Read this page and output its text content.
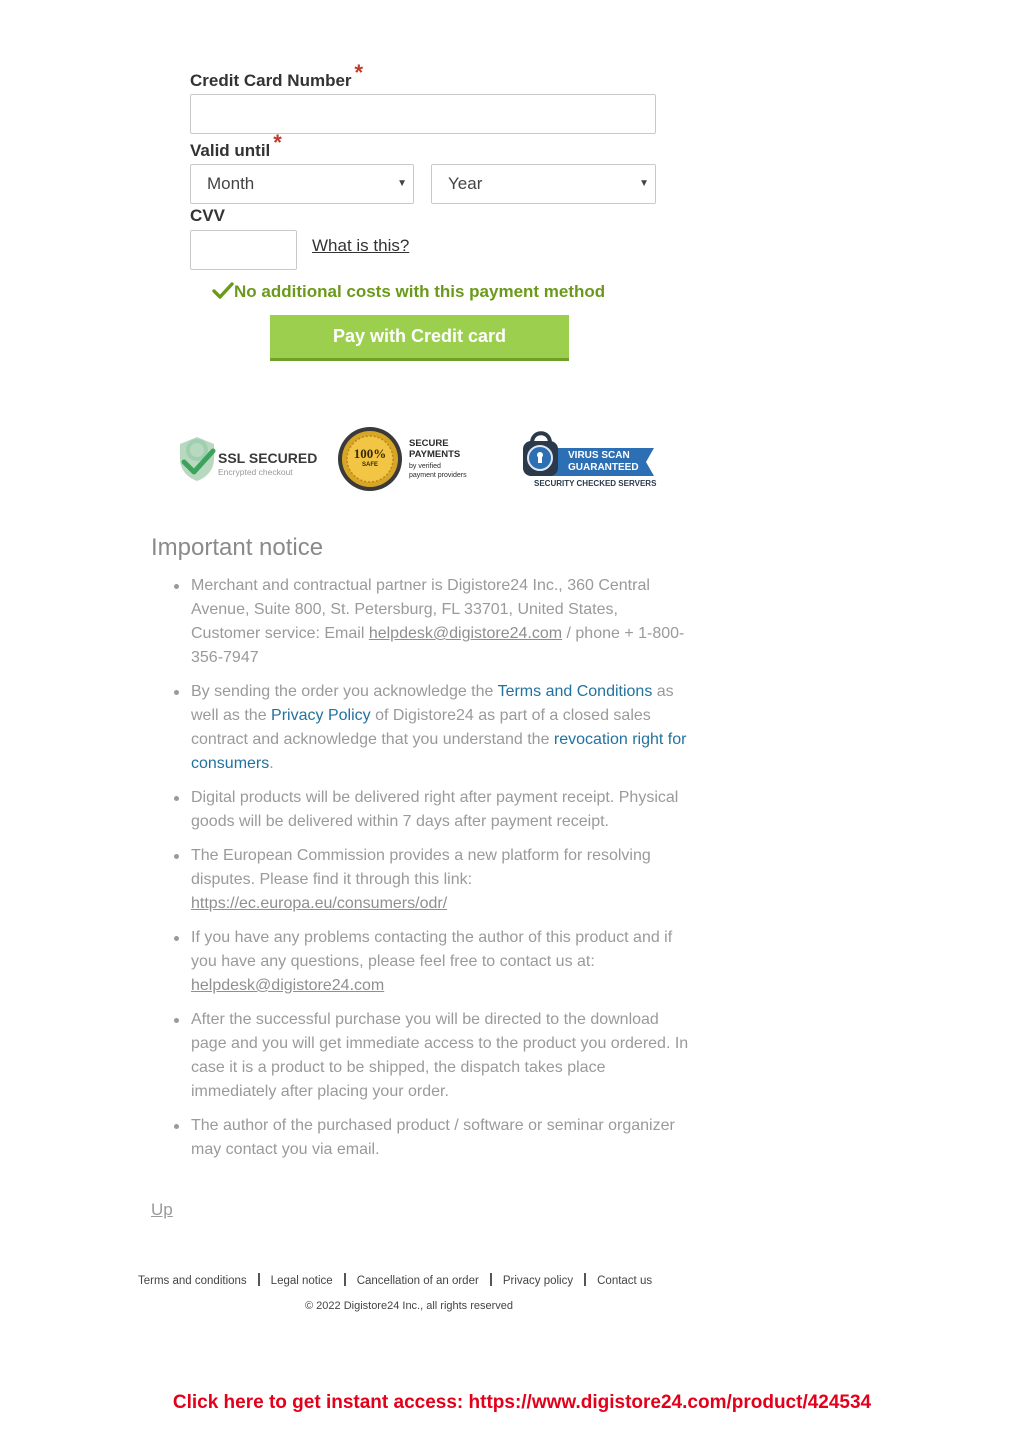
Credit Card Number *
Valid until *
Month	▼	Year	▼
CVV
What is this?
No additional costs with this payment method
Pay with Credit card
SSL SECURED
Encrypted checkout
100%
SAFE
SECURE
PAYMENTS
by verified
payment providers
VIRUS SCAN
GUARANTEED
SECURITY CHECKED SERVERS
Important notice
Merchant and contractual partner is Digistore24 Inc., 360 Central Avenue, Suite 800, St. Petersburg, FL 33701, United States, Customer service: Email helpdesk@digistore24.com / phone + 1-800-356-7947
By sending the order you acknowledge the Terms and Conditions as well as the Privacy Policy of Digistore24 as part of a closed sales contract and acknowledge that you understand the revocation right for consumers.
Digital products will be delivered right after payment receipt. Physical goods will be delivered within 7 days after payment receipt.
The European Commission provides a new platform for resolving disputes. Please find it through this link: https://ec.europa.eu/consumers/odr/
If you have any problems contacting the author of this product and if you have any questions, please feel free to contact us at: helpdesk@digistore24.com
After the successful purchase you will be directed to the download page and you will get immediate access to the product you ordered. In case it is a product to be shipped, the dispatch takes place immediately after placing your order.
The author of the purchased product / software or seminar organizer may contact you via email.
Up
Terms and conditions Legal notice Cancellation of an order Privacy policy Contact us
© 2022 Digistore24 Inc., all rights reserved
Click here to get instant access: https://www.digistore24.com/product/424534
